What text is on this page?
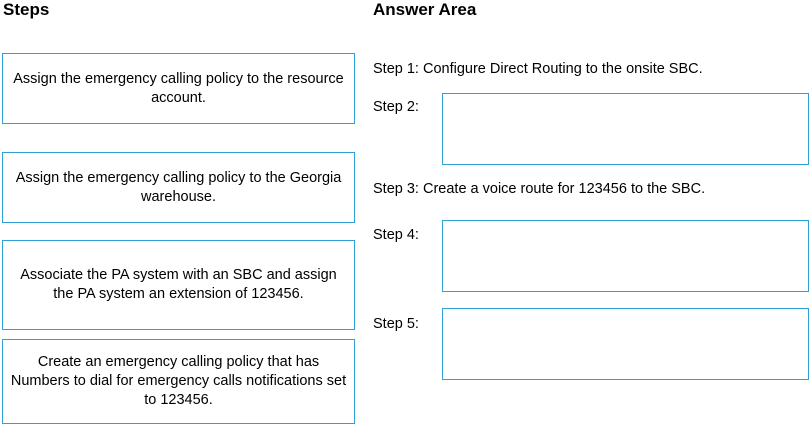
Steps
Assign the emergency calling policy to the resource account.
Assign the emergency calling policy to the Georgia warehouse.
Associate the PA system with an SBC and assign the PA system an extension of 123456.
Create an emergency calling policy that has Numbers to dial for emergency calls notifications set to 123456.
Answer Area
Step 1: Configure Direct Routing to the onsite SBC.
Step 2:
Step 3: Create a voice route for 123456 to the SBC.
Step 4:
Step 5:
